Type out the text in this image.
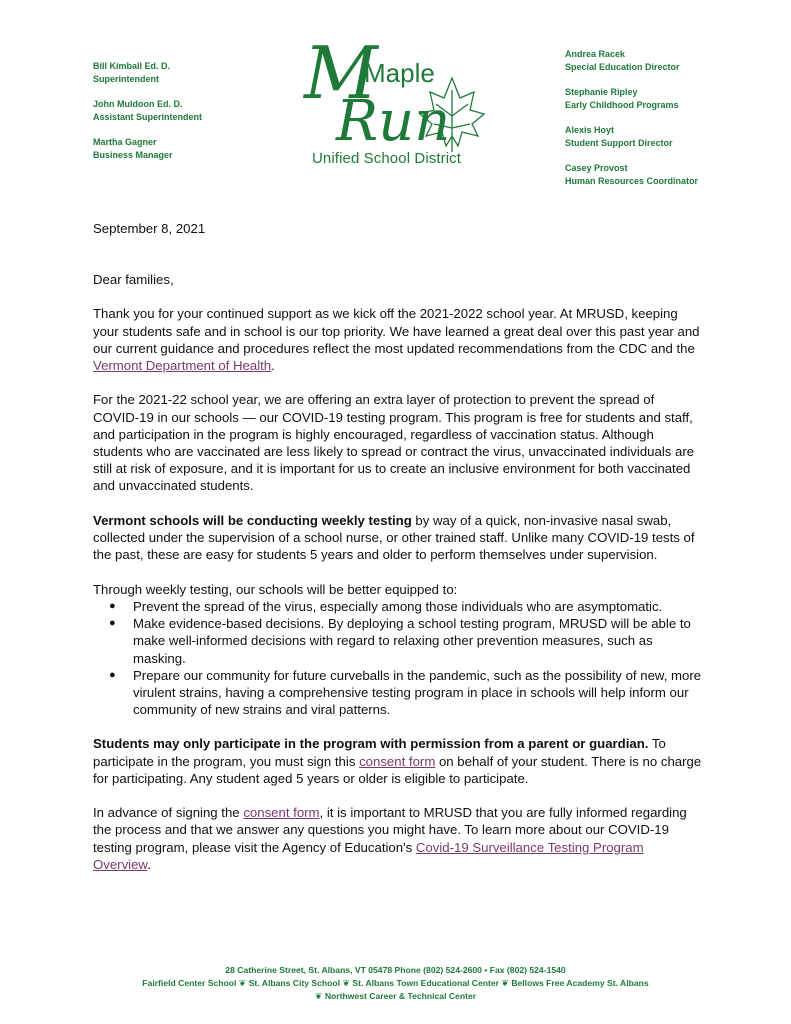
Bill Kimball Ed. D.
Superintendent
John Muldoon Ed. D.
Assistant Superintendent
Martha Gagner
Business Manager
M
Maple
Run
Unified School District
Andrea Racek
Special Education Director
Stephanie Ripley
Early Childhood Programs
Alexis Hoyt
Student Support Director
Casey Provost
Human Resources Coordinator

September 8, 2021

Dear families,

Thank you for your continued support as we kick off the 2021-2022 school year. At MRUSD, keeping your students safe and in school is our top priority. We have learned a great deal over this past year and our current guidance and procedures reflect the most updated recommendations from the CDC and the Vermont Department of Health.

For the 2021-22 school year, we are offering an extra layer of protection to prevent the spread of COVID-19 in our schools — our COVID-19 testing program. This program is free for students and staff, and participation in the program is highly encouraged, regardless of vaccination status. Although students who are vaccinated are less likely to spread or contract the virus, unvaccinated individuals are still at risk of exposure, and it is important for us to create an inclusive environment for both vaccinated and unvaccinated students.

Vermont schools will be conducting weekly testing by way of a quick, non-invasive nasal swab, collected under the supervision of a school nurse, or other trained staff. Unlike many COVID-19 tests of the past, these are easy for students 5 years and older to perform themselves under supervision.

Through weekly testing, our schools will be better equipped to:

● Prevent the spread of the virus, especially among those individuals who are asymptomatic.
● Make evidence-based decisions. By deploying a school testing program, MRUSD will be able to make well-informed decisions with regard to relaxing other prevention measures, such as masking.
● Prepare our community for future curveballs in the pandemic, such as the possibility of new, more virulent strains, having a comprehensive testing program in place in schools will help inform our community of new strains and viral patterns.

Students may only participate in the program with permission from a parent or guardian. To participate in the program, you must sign this consent form on behalf of your student. There is no charge for participating. Any student aged 5 years or older is eligible to participate.

In advance of signing the consent form, it is important to MRUSD that you are fully informed regarding the process and that we answer any questions you might have. To learn more about our COVID-19 testing program, please visit the Agency of Education's Covid-19 Surveillance Testing Program Overview.

28 Catherine Street, St. Albans, VT 05478 Phone (802) 524-2600 • Fax (802) 524-1540
Fairfield Center School ❦ St. Albans City School ❦ St. Albans Town Educational Center ❦ Bellows Free Academy St. Albans
❦ Northwest Career & Technical Center
